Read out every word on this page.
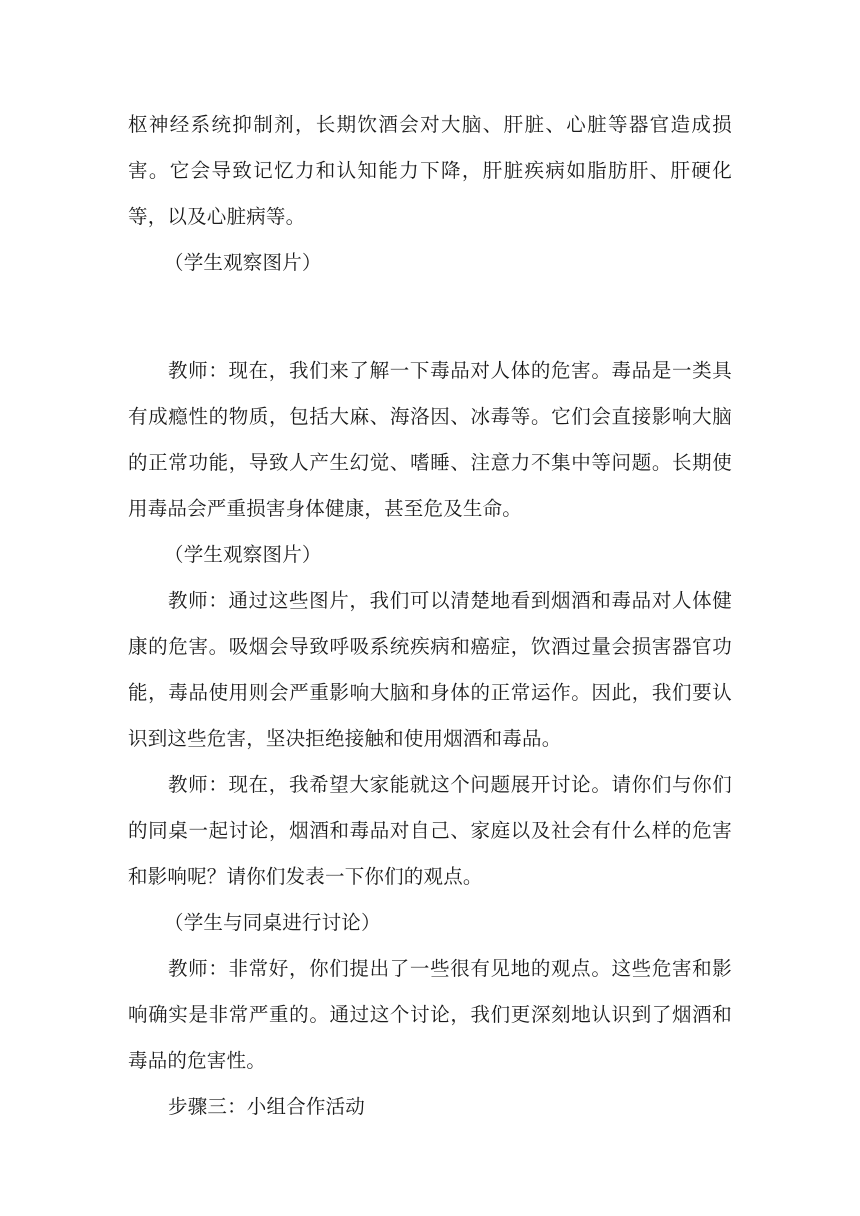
枢神经系统抑制剂，长期饮酒会对大脑、肝脏、心脏等器官造成损害。它会导致记忆力和认知能力下降，肝脏疾病如脂肪肝、肝硬化等，以及心脏病等。

（学生观察图片）

教师：现在，我们来了解一下毒品对人体的危害。毒品是一类具有成瘾性的物质，包括大麻、海洛因、冰毒等。它们会直接影响大脑的正常功能，导致人产生幻觉、嗜睡、注意力不集中等问题。长期使用毒品会严重损害身体健康，甚至危及生命。

（学生观察图片）

教师：通过这些图片，我们可以清楚地看到烟酒和毒品对人体健康的危害。吸烟会导致呼吸系统疾病和癌症，饮酒过量会损害器官功能，毒品使用则会严重影响大脑和身体的正常运作。因此，我们要认识到这些危害，坚决拒绝接触和使用烟酒和毒品。

教师：现在，我希望大家能就这个问题展开讨论。请你们与你们的同桌一起讨论，烟酒和毒品对自己、家庭以及社会有什么样的危害和影响呢？请你们发表一下你们的观点。

（学生与同桌进行讨论）

教师：非常好，你们提出了一些很有见地的观点。这些危害和影响确实是非常严重的。通过这个讨论，我们更深刻地认识到了烟酒和毒品的危害性。

步骤三：小组合作活动
